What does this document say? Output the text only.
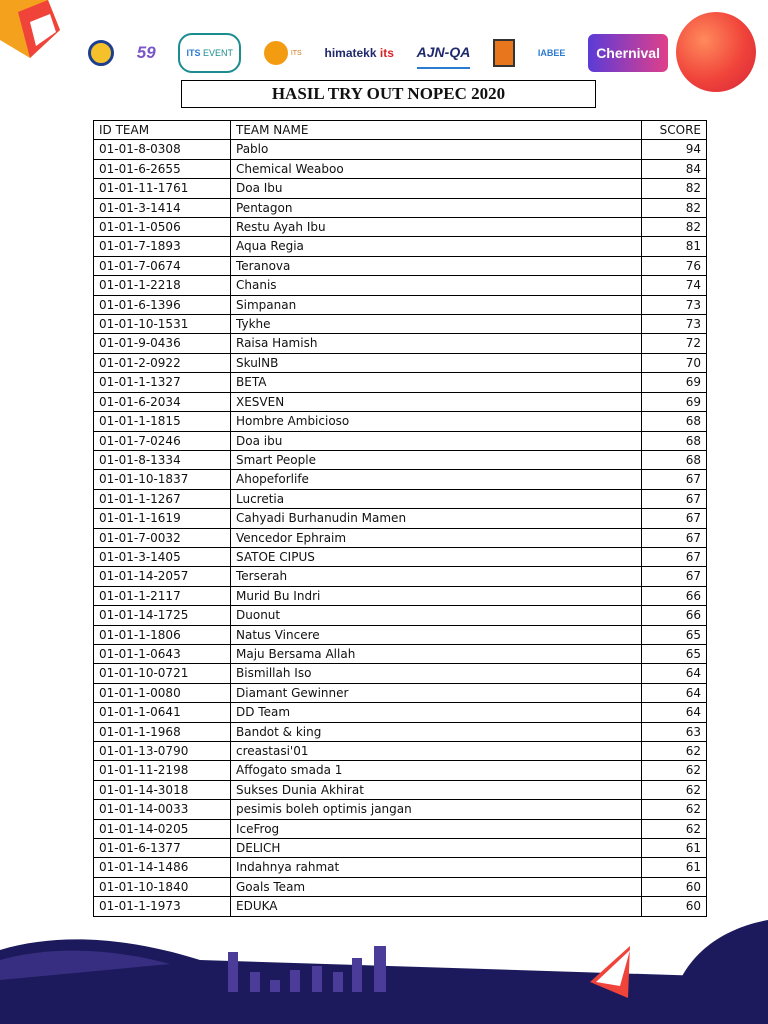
59	ITS
EVENT	ITS himatekk
its AJN-QA	IABEE	Chernival
HASIL TRY OUT NOPEC 2020
ID TEAM	TEAM NAME	SCORE
01-01-8-0308	Pablo	94
01-01-6-2655	Chemical Weaboo	84
01-01-11-1761	Doa Ibu	82
01-01-3-1414	Pentagon	82
01-01-1-0506	Restu Ayah Ibu	82
01-01-7-1893	Aqua Regia	81
01-01-7-0674	Teranova	76
01-01-1-2218	Chanis	74
01-01-6-1396	Simpanan	73
01-01-10-1531	Tykhe	73
01-01-9-0436	Raisa Hamish	72
01-01-2-0922	SkulNB	70
01-01-1-1327	BETA	69
01-01-6-2034	XESVEN	69
01-01-1-1815	Hombre Ambicioso	68
01-01-7-0246	Doa ibu	68
01-01-8-1334	Smart People	68
01-01-10-1837	Ahopeforlife	67
01-01-1-1267	Lucretia	67
01-01-1-1619	Cahyadi Burhanudin Mamen	67
01-01-7-0032	Vencedor Ephraim	67
01-01-3-1405	SATOE CIPUS	67
01-01-14-2057	Terserah	67
01-01-1-2117	Murid Bu Indri	66
01-01-14-1725	Duonut	66
01-01-1-1806	Natus Vincere	65
01-01-1-0643	Maju Bersama Allah	65
01-01-10-0721	Bismillah Iso	64
01-01-1-0080	Diamant Gewinner	64
01-01-1-0641	DD Team	64
01-01-1-1968	Bandot & king	63
01-01-13-0790	creastasi'01	62
01-01-11-2198	Affogato smada 1	62
01-01-14-3018	Sukses Dunia Akhirat	62
01-01-14-0033	pesimis boleh optimis jangan	62
01-01-14-0205	IceFrog	62
01-01-6-1377	DELICH	61
01-01-14-1486	Indahnya rahmat	61
01-01-10-1840	Goals Team	60
01-01-1-1973	EDUKA	60
